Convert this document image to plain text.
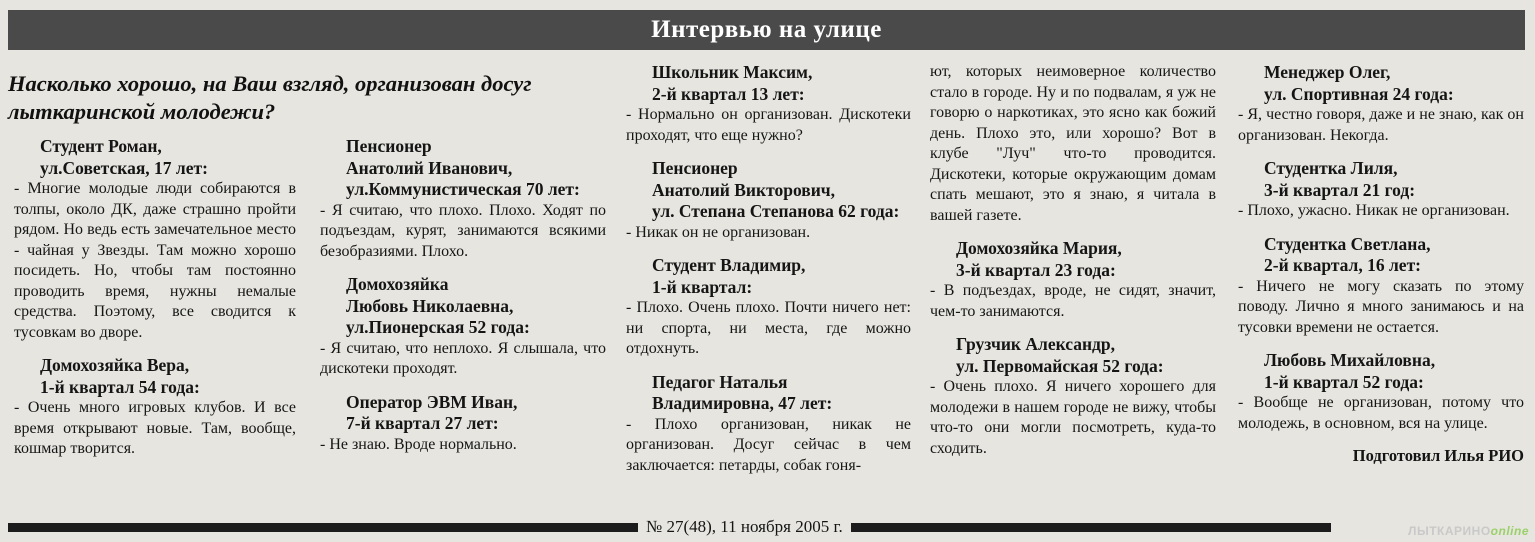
Интервью на улице
Насколько хорошо, на Ваш взгляд, организован досуг
лыткаринской молодежи?
Студент Роман,
ул.Советская, 17 лет:
- Многие молодые люди собираются в толпы, около ДК, даже страшно пройти рядом. Но ведь есть замечательное место - чайная у Звезды. Там можно хорошо посидеть. Но, чтобы там постоянно проводить время, нужны немалые средства. Поэтому, все сводится к тусовкам во дворе.
Домохозяйка Вера,
1-й квартал 54 года:
- Очень много игровых клубов. И все время открывают новые. Там, вообще, кошмар творится.
Пенсионер
Анатолий Иванович,
ул.Коммунистическая 70 лет:
- Я считаю, что плохо. Плохо. Ходят по подъездам, курят, занимаются всякими безобразиями. Плохо.
Домохозяйка
Любовь Николаевна,
ул.Пионерская 52 года:
- Я считаю, что неплохо. Я слышала, что дискотеки проходят.
Оператор ЭВМ Иван,
7-й квартал 27 лет:
- Не знаю. Вроде нормально.
Школьник Максим,
2-й квартал 13 лет:
- Нормально он организован. Дискотеки проходят, что еще нужно?
Пенсионер
Анатолий Викторович,
ул. Степана Степанова 62 года:
- Никак он не организован.
Студент Владимир,
1-й квартал:
- Плохо. Очень плохо. Почти ничего нет: ни спорта, ни места, где можно отдохнуть.
Педагог Наталья
Владимировна, 47 лет:
- Плохо организован, никак не организован. Досуг сейчас в чем заключается: петарды, собак гоня-
ют, которых неимоверное количество стало в городе. Ну и по подвалам, я уж не говорю о наркотиках, это ясно как божий день. Плохо это, или хорошо? Вот в клубе "Луч" что-то проводится. Дискотеки, которые окружающим домам спать мешают, это я знаю, я читала в вашей газете.
Домохозяйка Мария,
3-й квартал 23 года:
- В подъездах, вроде, не сидят, значит, чем-то занимаются.
Грузчик Александр,
ул. Первомайская 52 года:
- Очень плохо. Я ничего хорошего для молодежи в нашем городе не вижу, чтобы что-то они могли посмотреть, куда-то сходить.
Менеджер Олег,
ул. Спортивная 24 года:
- Я, честно говоря, даже и не знаю, как он организован. Некогда.
Студентка Лиля,
3-й квартал 21 год:
- Плохо, ужасно. Никак не организован.
Студентка Светлана,
2-й квартал, 16 лет:
- Ничего не могу сказать по этому поводу. Лично я много занимаюсь и на тусовки времени не остается.
Любовь Михайловна,
1-й квартал 52 года:
- Вообще не организован, потому что молодежь, в основном, вся на улице.
Подготовил Илья РИО
№ 27(48), 11 ноября 2005 г.	ЛЫТКАРИНОonline
